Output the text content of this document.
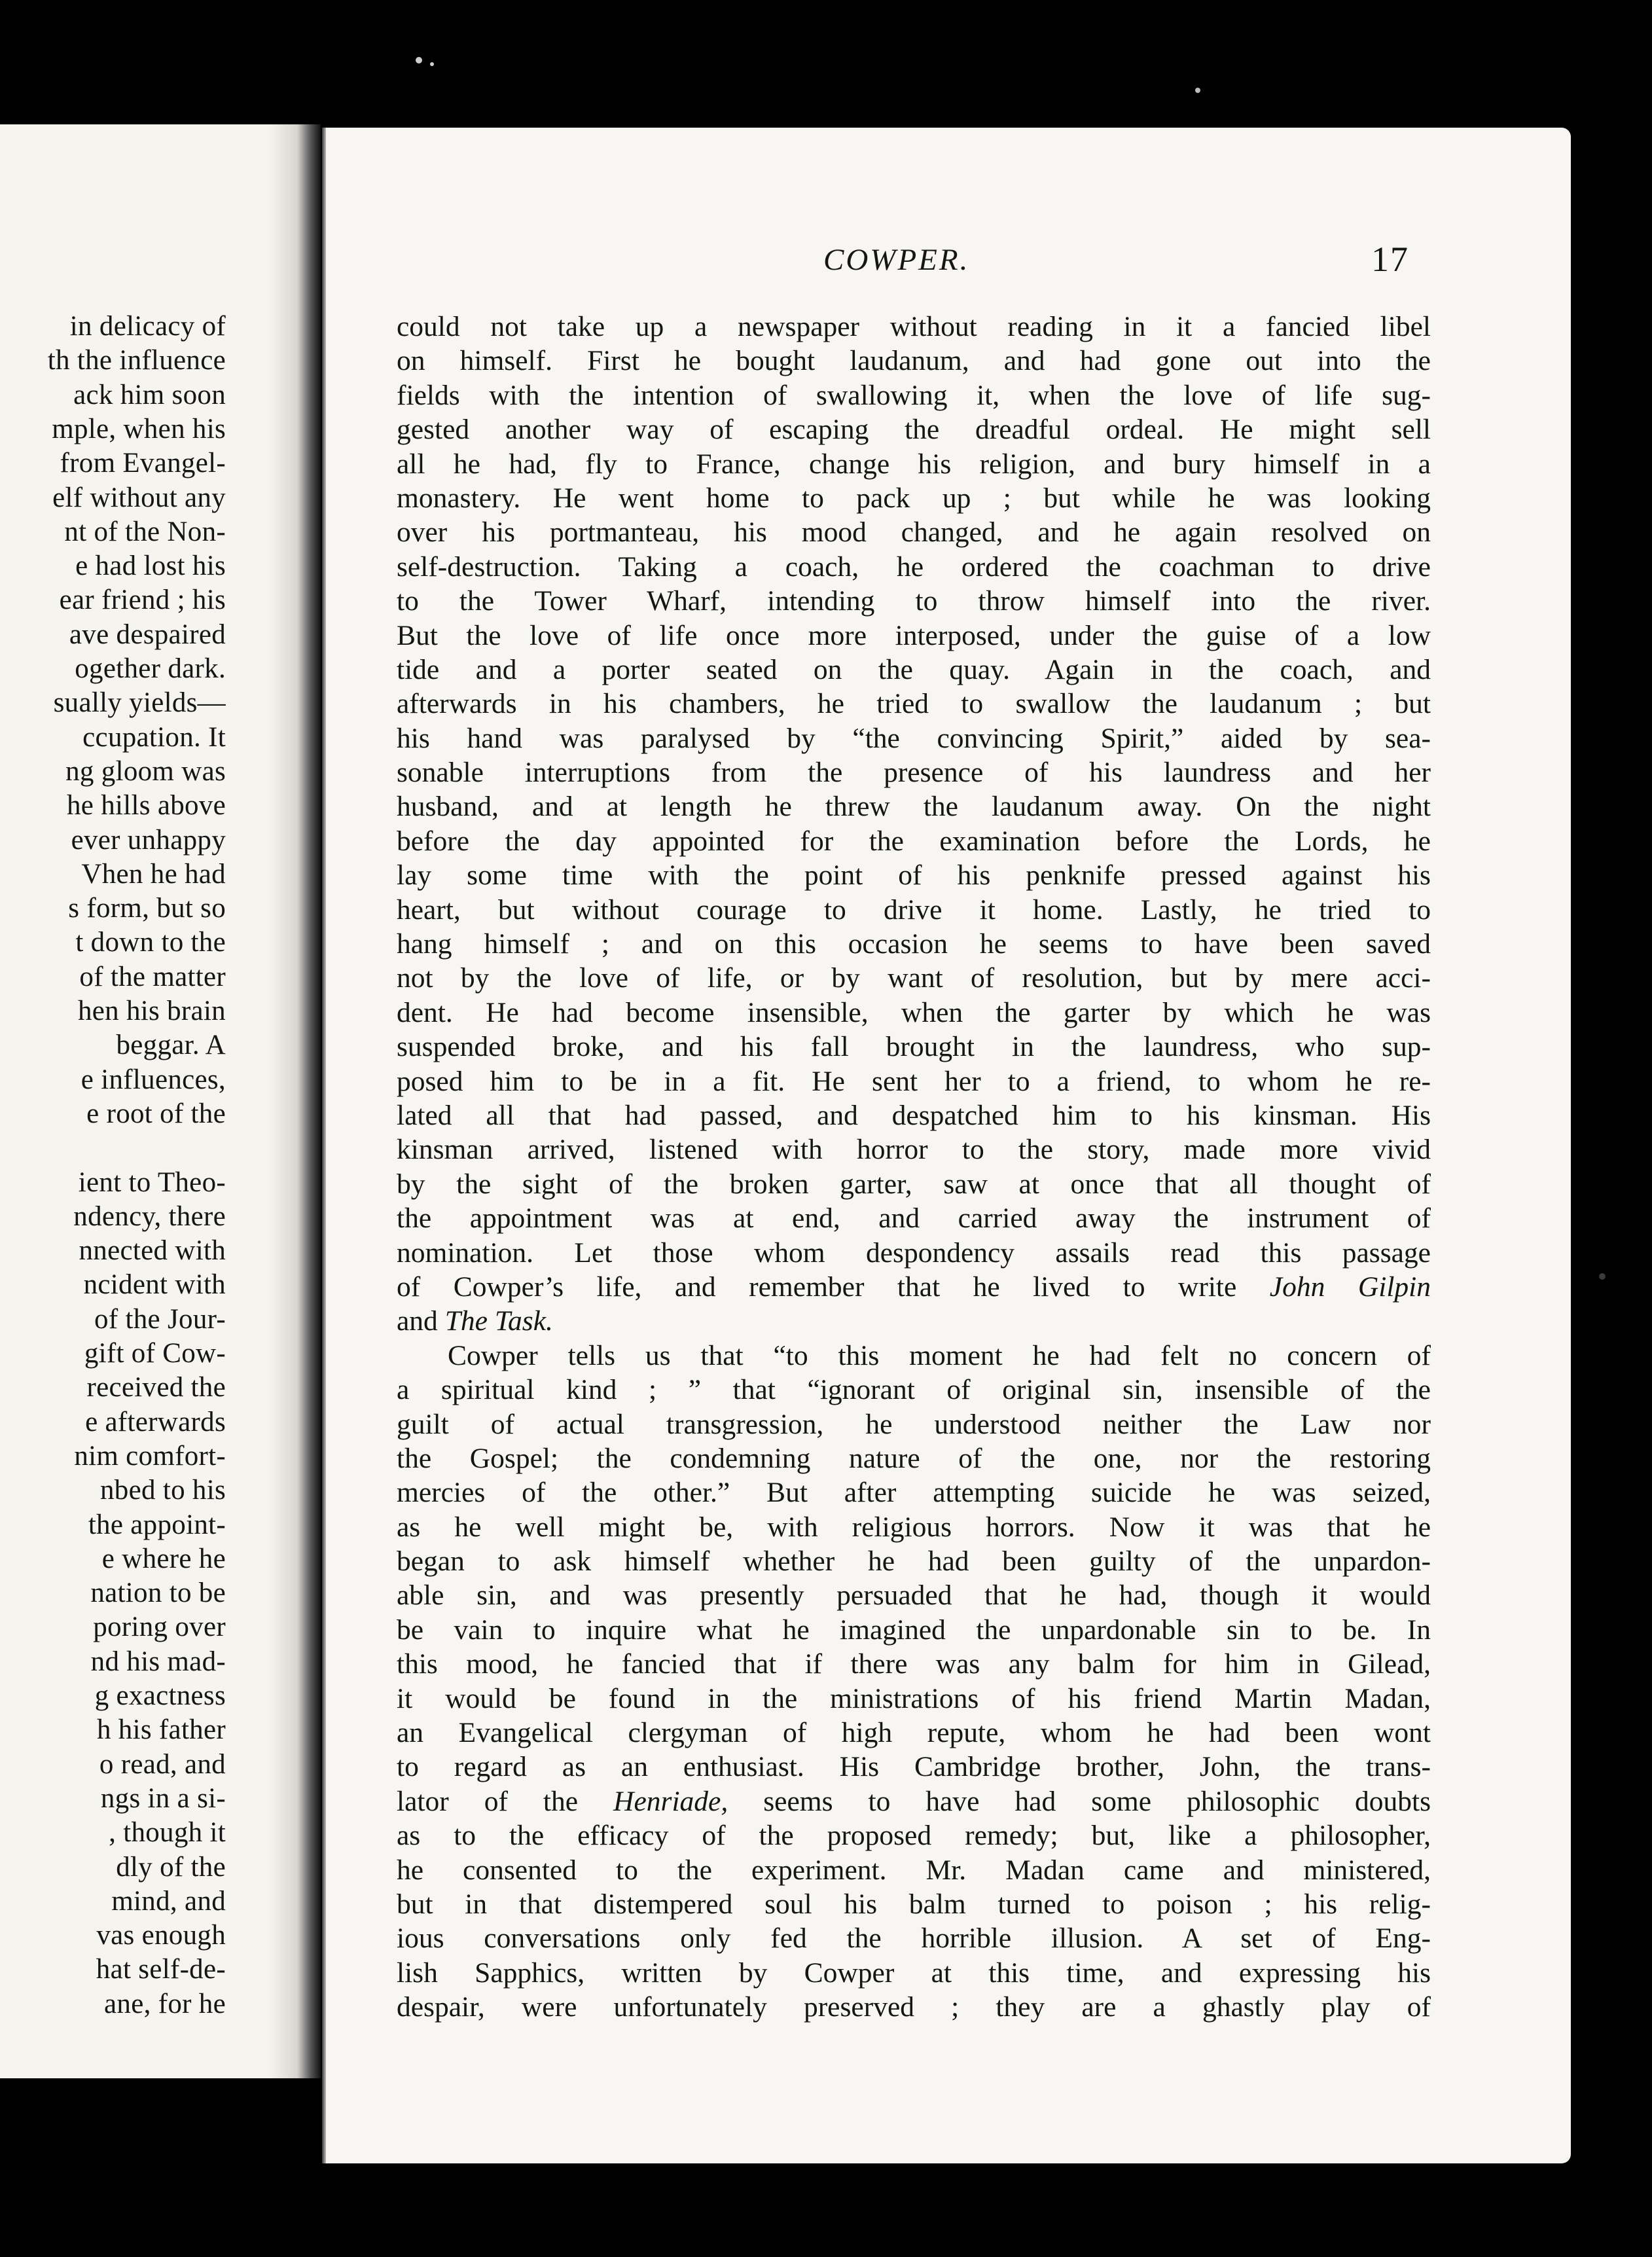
in delicacy of
th the influence
ack him soon
mple, when his
from Evangel-
elf without any
nt of the Non-
e had lost his
ear friend ; his
ave despaired
ogether dark.
sually yields—
ccupation. It
ng gloom was
he hills above
ever unhappy
Vhen he had
s form, but so
t down to the
of the matter
hen his brain
beggar. A
e influences,
e root of the
ient to Theo-
ndency, there
nnected with
ncident with
of the Jour-
gift of Cow-
received the
e afterwards
nim comfort-
nbed to his
the appoint-
e where he
nation to be
poring over
nd his mad-
g exactness
h his father
o read, and
ngs in a si-
, though it
dly of the
mind, and
vas enough
hat self-de-
ane, for he
COWPER.	17
could not take up a newspaper without reading in it a fancied libel
on himself. First he bought laudanum, and had gone out into the
fields with the intention of swallowing it, when the love of life sug-
gested another way of escaping the dreadful ordeal. He might sell
all he had, fly to France, change his religion, and bury himself in a
monastery. He went home to pack up ; but while he was looking
over his portmanteau, his mood changed, and he again resolved on
self-destruction. Taking a coach, he ordered the coachman to drive
to the Tower Wharf, intending to throw himself into the river.
But the love of life once more interposed, under the guise of a low
tide and a porter seated on the quay. Again in the coach, and
afterwards in his chambers, he tried to swallow the laudanum ; but
his hand was paralysed by “the convincing Spirit,” aided by sea-
sonable interruptions from the presence of his laundress and her
husband, and at length he threw the laudanum away. On the night
before the day appointed for the examination before the Lords, he
lay some time with the point of his penknife pressed against his
heart, but without courage to drive it home. Lastly, he tried to
hang himself ; and on this occasion he seems to have been saved
not by the love of life, or by want of resolution, but by mere acci-
dent. He had become insensible, when the garter by which he was
suspended broke, and his fall brought in the laundress, who sup-
posed him to be in a fit. He sent her to a friend, to whom he re-
lated all that had passed, and despatched him to his kinsman. His
kinsman arrived, listened with horror to the story, made more vivid
by the sight of the broken garter, saw at once that all thought of
the appointment was at end, and carried away the instrument of
nomination. Let those whom despondency assails read this passage
of Cowper’s life, and remember that he lived to write John Gilpin
and The Task.
Cowper tells us that “to this moment he had felt no concern of
a spiritual kind ; ” that “ignorant of original sin, insensible of the
guilt of actual transgression, he understood neither the Law nor
the Gospel; the condemning nature of the one, nor the restoring
mercies of the other.” But after attempting suicide he was seized,
as he well might be, with religious horrors. Now it was that he
began to ask himself whether he had been guilty of the unpardon-
able sin, and was presently persuaded that he had, though it would
be vain to inquire what he imagined the unpardonable sin to be. In
this mood, he fancied that if there was any balm for him in Gilead,
it would be found in the ministrations of his friend Martin Madan,
an Evangelical clergyman of high repute, whom he had been wont
to regard as an enthusiast. His Cambridge brother, John, the trans-
lator of the Henriade, seems to have had some philosophic doubts
as to the efficacy of the proposed remedy; but, like a philosopher,
he consented to the experiment. Mr. Madan came and ministered,
but in that distempered soul his balm turned to poison ; his relig-
ious conversations only fed the horrible illusion. A set of Eng-
lish Sapphics, written by Cowper at this time, and expressing his
despair, were unfortunately preserved ; they are a ghastly play of
